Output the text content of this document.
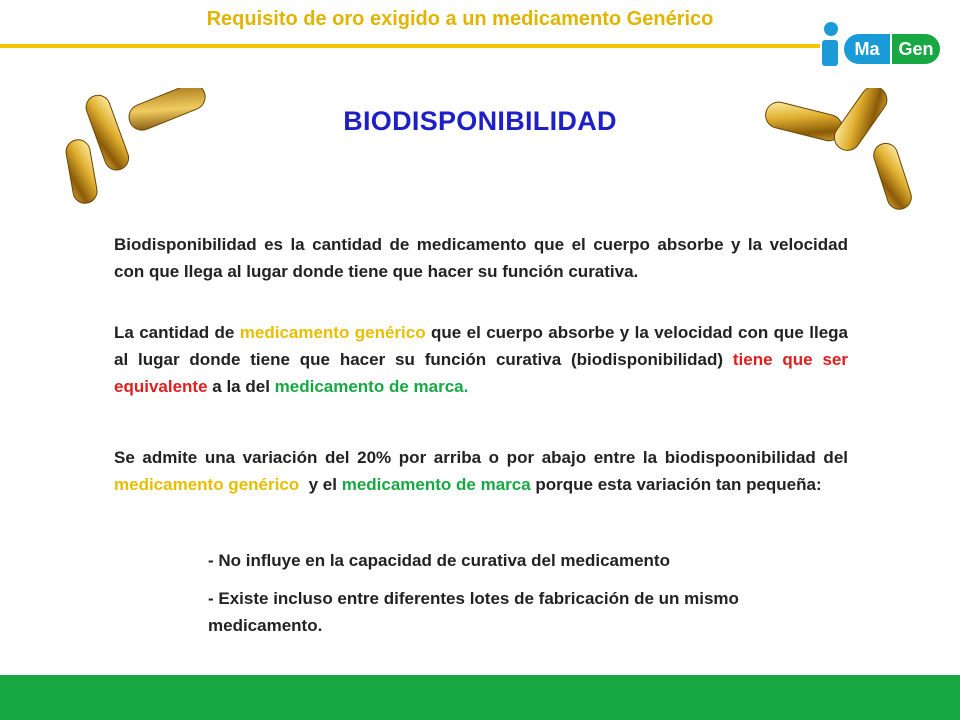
Requisito de oro exigido a un medicamento Genérico
Ma	Gen
BIODISPONIBILIDAD

Biodisponibilidad es la cantidad de medicamento que el cuerpo absorbe y la velocidad con que llega al lugar donde tiene que hacer su función curativa.

La cantidad de medicamento genérico que el cuerpo absorbe y la velocidad con que llega al lugar donde tiene que hacer su función curativa (biodisponibilidad) tiene que ser equivalente a la del medicamento de marca.

Se admite una variación del 20% por arriba o por abajo entre la biodispoonibilidad del medicamento genérico  y el medicamento de marca porque esta variación tan pequeña:

- No influye en la capacidad de curativa del medicamento

- Existe incluso entre diferentes lotes de fabricación de un mismo medicamento.
